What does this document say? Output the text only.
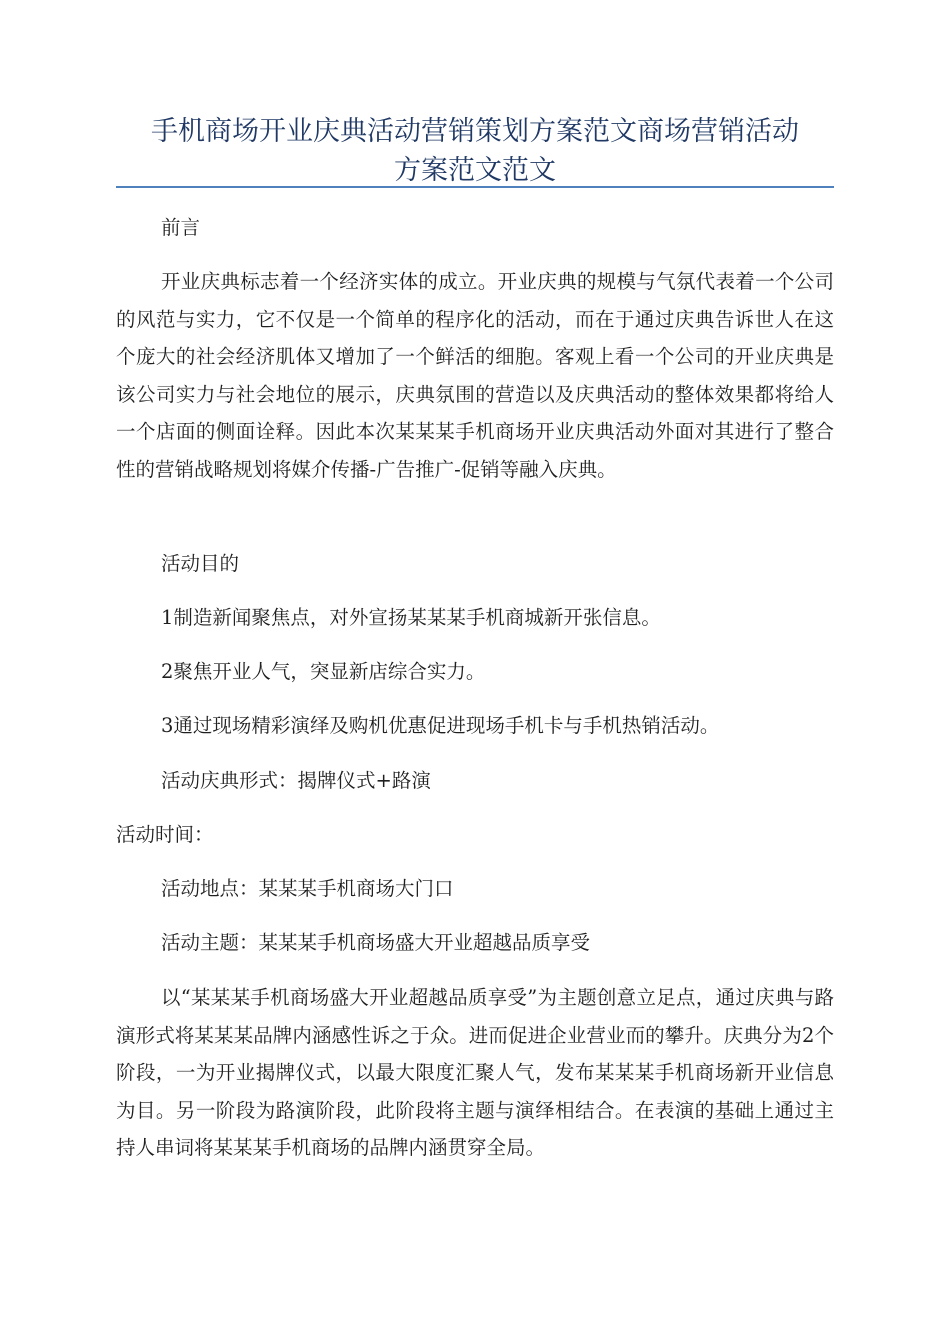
手机商场开业庆典活动营销策划方案范文商场营销活动

方案范文范文

前言

开业庆典标志着一个经济实体的成立。开业庆典的规模与气氛代表着一个公司的风范与实力，它不仅是一个简单的程序化的活动，而在于通过庆典告诉世人在这个庞大的社会经济肌体又增加了一个鲜活的细胞。客观上看一个公司的开业庆典是该公司实力与社会地位的展示，庆典氛围的营造以及庆典活动的整体效果都将给人一个店面的侧面诠释。因此本次某某某手机商场开业庆典活动外面对其进行了整合性的营销战略规划将媒介传播-广告推广-促销等融入庆典。

活动目的

1制造新闻聚焦点，对外宣扬某某某手机商城新开张信息。

2聚焦开业人气，突显新店综合实力。

3通过现场精彩演绎及购机优惠促进现场手机卡与手机热销活动。

活动庆典形式：揭牌仪式+路演

活动时间：

活动地点：某某某手机商场大门口

活动主题：某某某手机商场盛大开业超越品质享受

以“某某某手机商场盛大开业超越品质享受”为主题创意立足点，通过庆典与路演形式将某某某品牌内涵感性诉之于众。进而促进企业营业而的攀升。庆典分为2个阶段，一为开业揭牌仪式，以最大限度汇聚人气，发布某某某手机商场新开业信息为目。另一阶段为路演阶段，此阶段将主题与演绎相结合。在表演的基础上通过主持人串词将某某某手机商场的品牌内涵贯穿全局。
